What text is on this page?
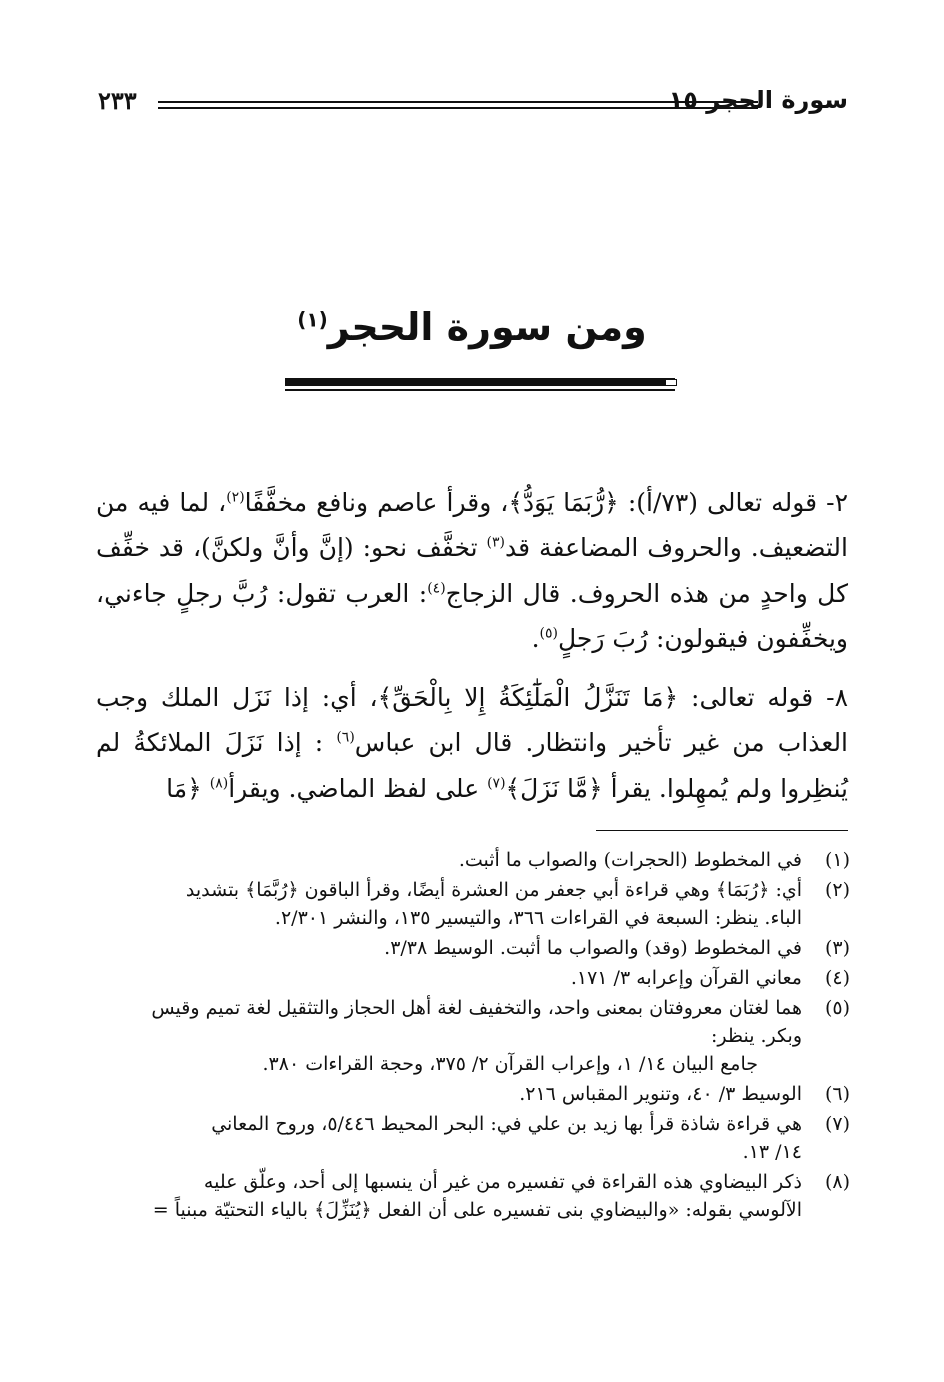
٢٣٣	سورة الحجر ١٥
ومن سورة الحجر$^{(١)}$
٢- قوله تعالى (٧٣/أ): ﴿رُّبَمَا يَوَدُّ﴾، وقرأ عاصم ونافع مخفَّفًا$^{(٢)}$، لما فيه من التضعيف. والحروف المضاعفة قد$^{(٣)}$ تخفَّف نحو: (إنَّ وأنَّ ولكنَّ)، قد خفِّف كل واحدٍ من هذه الحروف. قال الزجاج$^{(٤)}$: العرب تقول: رُبَّ رجلٍ جاءني، ويخفِّفون فيقولون: رُبَ رَجلٍ$^{(٥)}$.
٨- قوله تعالى: ﴿مَا تَنَزَّلُ الْمَلَٰٓئِكَةُ إِلا بِالْحَقِّ﴾، أي: إذا نَزَل الملك وجب العذاب من غير تأخير وانتظار. قال ابن عباس$^{(٦)}$ : إذا نَزَلَ الملائكةُ لم يُنظِروا ولم يُمهِلوا. يقرأ ﴿مَّا نَزَلَ﴾$^{(٧)}$ على لفظ الماضي. ويقرأ$^{(٨)}$ ﴿مَا
(١)
في المخطوط (الحجرات) والصواب ما أثبت.
(٢)
أي: ﴿رُبَمَا﴾ وهي قراءة أبي جعفر من العشرة أيضًا، وقرأ الباقون ﴿رُبَّمَا﴾ بتشديد
الباء. ينظر: السبعة في القراءات ٣٦٦، والتيسير ١٣٥، والنشر ٢/٣٠١.
(٣)
في المخطوط (وقد) والصواب ما أثبت. الوسيط ٣/٣٨.
(٤)
معاني القرآن وإعرابه ٣/ ١٧١.
(٥)
هما لغتان معروفتان بمعنى واحد، والتخفيف لغة أهل الحجاز والتثقيل لغة تميم وقيس
وبكر. ينظر:
جامع البيان ١٤/ ١، وإعراب القرآن ٢/ ٣٧٥، وحجة القراءات ٣٨٠.
(٦)
الوسيط ٣/ ٤٠، وتنوير المقباس ٢١٦.
(٧)
هي قراءة شاذة قرأ بها زيد بن علي في: البحر المحيط ٥/٤٤٦، وروح المعاني
١٤/ ١٣.
(٨)
ذكر البيضاوي هذه القراءة في تفسيره من غير أن ينسبها إلى أحد، وعلّق عليه
الآلوسي بقوله: «والبيضاوي بنى تفسيره على أن الفعل ﴿يُنَزِّلَ﴾ بالياء التحتيّة مبنياً =
